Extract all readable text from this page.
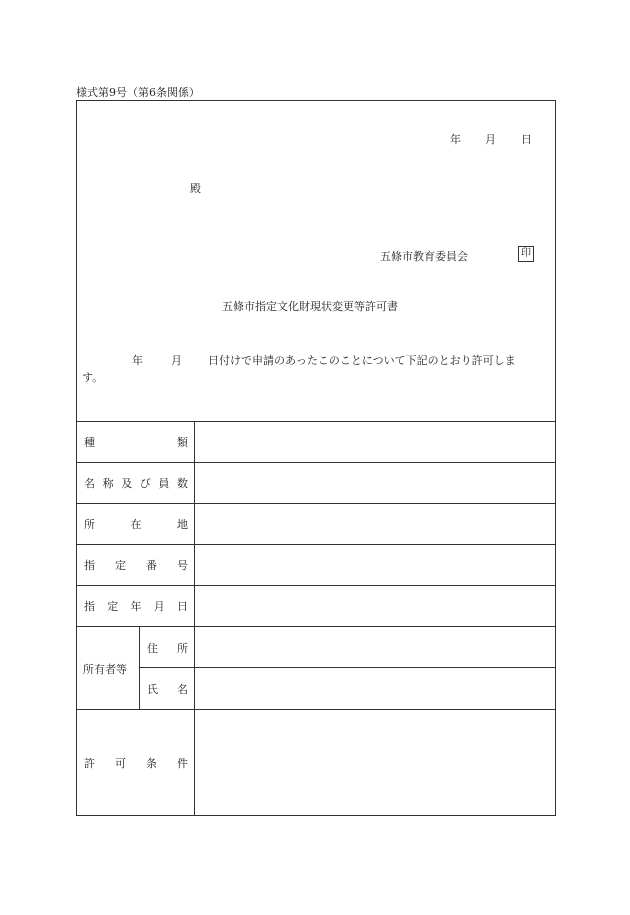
様式第9号（第6条関係）
年 月 日
殿
五條市教育委員会	印
五條市指定文化財現状変更等許可書
年	月 日付けで申請のあったこのことについて下記のとおり許可しま
す。
種	類
名 称 及 び 員 数
所	在	地
指 定 番 号
指 定 年 月 日
所有者等
住 所
氏 名
許 可 条 件
